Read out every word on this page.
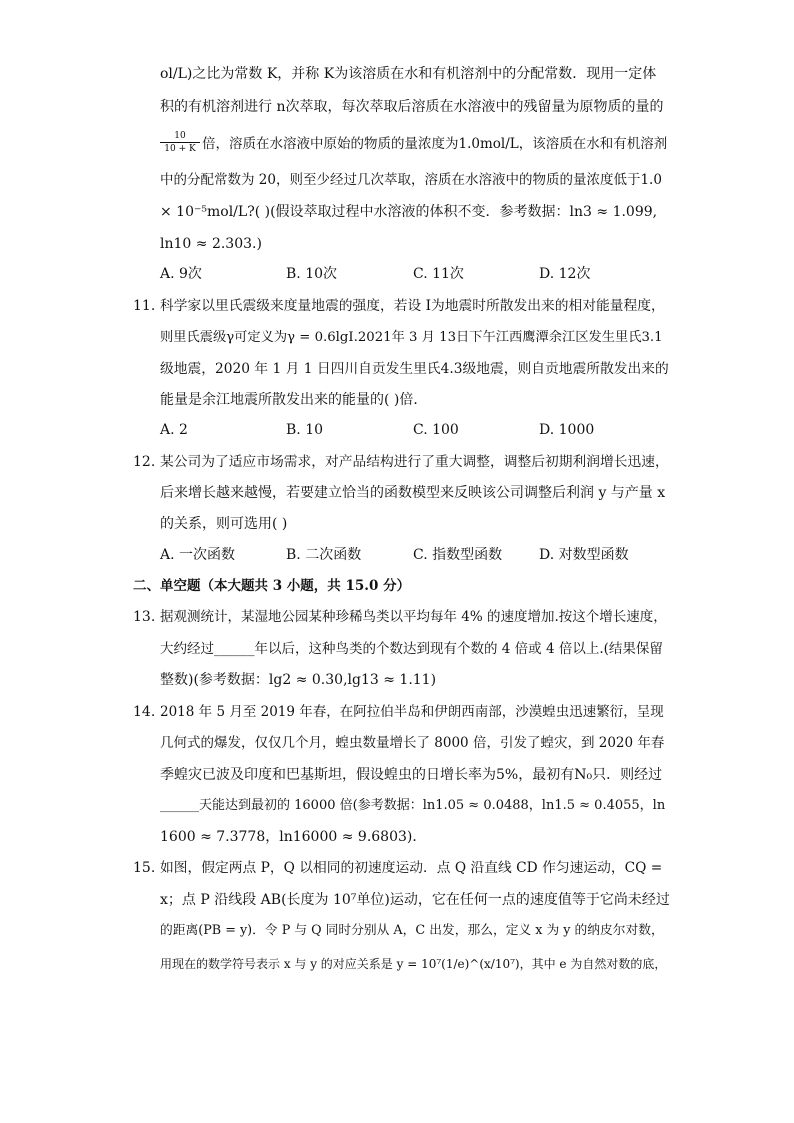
ol/L)之比为常数 K，并称 K为该溶质在水和有机溶剂中的分配常数．现用一定体
积的有机溶剂进行 n次萃取，每次萃取后溶质在水溶液中的残留量为原物质的量的
$\frac{10}{10 + K}$ 倍，溶质在水溶液中原始的物质的量浓度为1.0mol/L，该溶质在水和有机溶剂
中的分配常数为 20，则至少经过几次萃取，溶质在水溶液中的物质的量浓度低于1.0
× 10⁻⁵mol/L?( )(假设萃取过程中水溶液的体积不变．参考数据：ln3 ≈ 1.099,
ln10 ≈ 2.303.)
A. 9次	B. 10次	C. 11次	D. 12次
11. 科学家以里氏震级来度量地震的强度，若设 I为地震时所散发出来的相对能量程度，
则里氏震级γ可定义为γ = 0.6lgI.2021年 3 月 13日下午江西鹰潭余江区发生里氏3.1
级地震，2020 年 1 月 1 日四川自贡发生里氏4.3级地震，则自贡地震所散发出来的
能量是余江地震所散发出来的能量的( )倍．
A. 2	B. 10	C. 100	D. 1000
12. 某公司为了适应市场需求，对产品结构进行了重大调整，调整后初期利润增长迅速，
后来增长越来越慢，若要建立恰当的函数模型来反映该公司调整后利润 y 与产量 x
的关系，则可选用( )
A. 一次函数	B. 二次函数	C. 指数型函数	D. 对数型函数
二、单空题（本大题共 3 小题，共 15.0 分）
13. 据观测统计，某湿地公园某种珍稀鸟类以平均每年 4% 的速度增加.按这个增长速度，
大约经过______年以后，这种鸟类的个数达到现有个数的 4 倍或 4 倍以上.(结果保留
整数)(参考数据：lg2 ≈ 0.30,lg13 ≈ 1.11)
14. 2018 年 5 月至 2019 年春，在阿拉伯半岛和伊朗西南部，沙漠蝗虫迅速繁衍，呈现
几何式的爆发，仅仅几个月，蝗虫数量增长了 8000 倍，引发了蝗灾，到 2020 年春
季蝗灾已波及印度和巴基斯坦，假设蝗虫的日增长率为5%，最初有N₀只．则经过
______天能达到最初的 16000 倍(参考数据：ln1.05 ≈ 0.0488，ln1.5 ≈ 0.4055，ln
1600 ≈ 7.3778，ln16000 ≈ 9.6803)．
15. 如图，假定两点 P，Q 以相同的初速度运动．点 Q 沿直线 CD 作匀速运动，CQ =
x；点 P 沿线段 AB(长度为 10⁷单位)运动，它在任何一点的速度值等于它尚未经过
的距离(PB = y)．令 P 与 Q 同时分别从 A，C 出发，那么，定义 x 为 y 的纳皮尔对数，
用现在的数学符号表示 x 与 y 的对应关系是 y = 10⁷(1/e)^(x/10⁷)，其中 e 为自然对数的底，
